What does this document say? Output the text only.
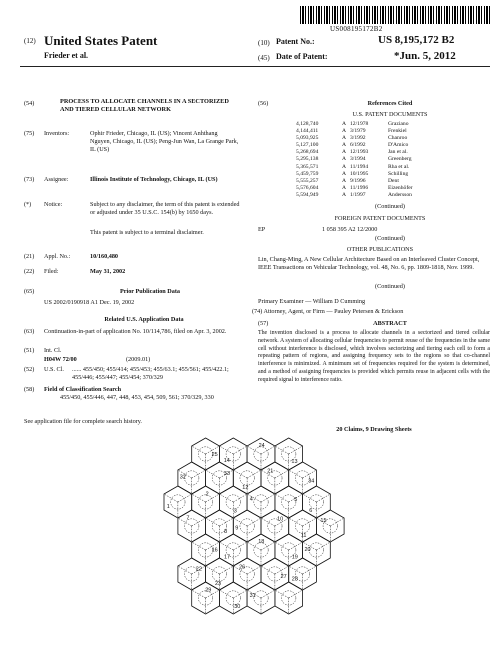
US008195172B2
(12) United States Patent
Frieder et al.
(10) Patent No.:	US 8,195,172 B2
(45) Date of Patent:	*Jun. 5, 2012
(54)	PROCESS TO ALLOCATE CHANNELS IN A SECTORIZED AND TIERED CELLULAR NETWORK
(75) Inventors:	Ophir Frieder, Chicago, IL (US); Vincent Anhthang Nguyen, Chicago, IL (US); Peng-Jun Wan, La Grange Park, IL (US)
(73) Assignee:	Illinois Institute of Technology, Chicago, IL (US)
(*) Notice:	Subject to any disclaimer, the term of this patent is extended or adjusted under 35 U.S.C. 154(b) by 1650 days.
This patent is subject to a terminal disclaimer.
(21) Appl. No.:	10/160,480
(22) Filed:	May 31, 2002
(65)	Prior Publication Data
US 2002/0190918 A1 Dec. 19, 2002
Related U.S. Application Data
(63) Continuation-in-part of application No. 10/114,786, filed on Apr. 3, 2002.
(51) Int. Cl.
H04W 72/00	(2009.01)
(52) U.S. Cl. ...... 455/450; 455/414; 455/453; 455/63.1; 455/561; 455/422.1; 455/446; 455/447; 455/454; 370/329
(58) Field of Classification Search
455/450, 455/446, 447, 448, 453, 454, 509, 561; 370/329, 330
See application file for complete search history.
(56)	References Cited
U.S. PATENT DOCUMENTS
4,128,740	A 12/1978	Graziano
4,144,411	A 3/1979	Frenkiel
5,093,925	A 3/1992	Chanroo
5,127,100	A 6/1992	D'Amico
5,268,694	A 12/1993	Jan et al.
5,295,138	A 3/1994	Greenberg
5,365,571	A 11/1994	Rha et al.
5,459,759	A 10/1995	Schilling
5,555,257	A 9/1996	Dent
5,576,604	A 11/1996	Eizenhöfer
5,594,949	A 1/1997	Andersson
(Continued)
FOREIGN PATENT DOCUMENTS
EP	1 058 395 A2 12/2000
(Continued)
OTHER PUBLICATIONS
Lin, Chang-Ming, A New Cellular Architecture Based on an Interleaved Cluster Concept, IEEE Transactions on Vehicular Technology, vol. 48, No. 6, pp. 1809-1818, Nov. 1999.
(Continued)
Primary Examiner — William D Cumming
(74) Attorney, Agent, or Firm — Pauley Petersen & Erickson
(57)	ABSTRACT
The invention disclosed is a process to allocate channels in a sectorized and tiered cellular network. A system of allocating cellular frequencies to permit reuse of the frequencies in the same cell without interference is disclosed, which involves sectorizing and tiering each cell to form a repeating pattern of regions, and assigning frequency sets to the regions so that co-channel interference is minimized. A minimum set of frequencies required for the system is determined, and a method of assigning frequencies is provided which permits reuse in adjacent cells with the required signal to interference ratio.
20 Claims, 9 Drawing Sheets
25
14
24
13
32
33
12
21
34
1
2
3
4	5
6
7
8
9
10
11
15
16
17
18
19
20
22
23
26
27 28
29
30
31
